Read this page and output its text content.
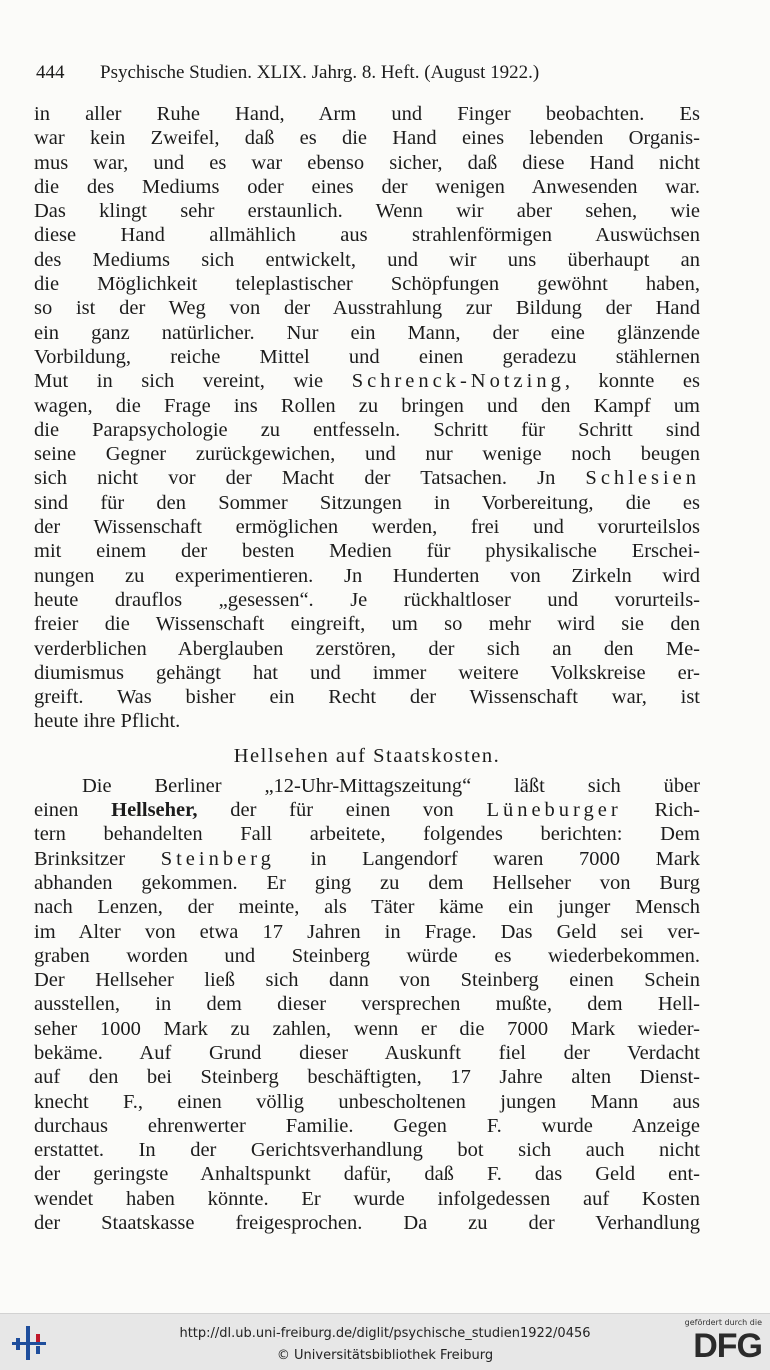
444 Psychische Studien. XLIX. Jahrg. 8. Heft. (August 1922.)
in aller Ruhe Hand, Arm und Finger beobachten. Es
war kein Zweifel, daß es die Hand eines lebenden Organis-
mus war, und es war ebenso sicher, daß diese Hand nicht
die des Mediums oder eines der wenigen Anwesenden war.
Das klingt sehr erstaunlich. Wenn wir aber sehen, wie
diese Hand allmählich aus strahlenförmigen Auswüchsen
des Mediums sich entwickelt, und wir uns überhaupt an
die Möglichkeit teleplastischer Schöpfungen gewöhnt haben,
so ist der Weg von der Ausstrahlung zur Bildung der Hand
ein ganz natürlicher. Nur ein Mann, der eine glänzende
Vorbildung, reiche Mittel und einen geradezu stählernen
Mut in sich vereint, wie Schrenck-Notzing, konnte es
wagen, die Frage ins Rollen zu bringen und den Kampf um
die Parapsychologie zu entfesseln. Schritt für Schritt sind
seine Gegner zurückgewichen, und nur wenige noch beugen
sich nicht vor der Macht der Tatsachen. Jn Schlesien
sind für den Sommer Sitzungen in Vorbereitung, die es
der Wissenschaft ermöglichen werden, frei und vorurteilslos
mit einem der besten Medien für physikalische Erschei-
nungen zu experimentieren. Jn Hunderten von Zirkeln wird
heute drauflos „gesessen“. Je rückhaltloser und vorurteils-
freier die Wissenschaft eingreift, um so mehr wird sie den
verderblichen Aberglauben zerstören, der sich an den Me-
diumismus gehängt hat und immer weitere Volkskreise er-
greift. Was bisher ein Recht der Wissenschaft war, ist
heute ihre Pflicht.
Hellsehen auf Staatskosten.
Die Berliner „12-Uhr-Mittagszeitung“ läßt sich über
einen Hellseher, der für einen von Lüneburger Rich-
tern behandelten Fall arbeitete, folgendes berichten: Dem
Brinksitzer Steinberg in Langendorf waren 7000 Mark
abhanden gekommen. Er ging zu dem Hellseher von Burg
nach Lenzen, der meinte, als Täter käme ein junger Mensch
im Alter von etwa 17 Jahren in Frage. Das Geld sei ver-
graben worden und Steinberg würde es wiederbekommen.
Der Hellseher ließ sich dann von Steinberg einen Schein
ausstellen, in dem dieser versprechen mußte, dem Hell-
seher 1000 Mark zu zahlen, wenn er die 7000 Mark wieder-
bekäme. Auf Grund dieser Auskunft fiel der Verdacht
auf den bei Steinberg beschäftigten, 17 Jahre alten Dienst-
knecht F., einen völlig unbescholtenen jungen Mann aus
durchaus ehrenwerter Familie. Gegen F. wurde Anzeige
erstattet. In der Gerichtsverhandlung bot sich auch nicht
der geringste Anhaltspunkt dafür, daß F. das Geld ent-
wendet haben könnte. Er wurde infolgedessen auf Kosten
der Staatskasse freigesprochen. Da zu der Verhandlung
http://dl.ub.uni-freiburg.de/diglit/psychische_studien1922/0456
© Universitätsbibliothek Freiburg
gefördert durch die
DFG
